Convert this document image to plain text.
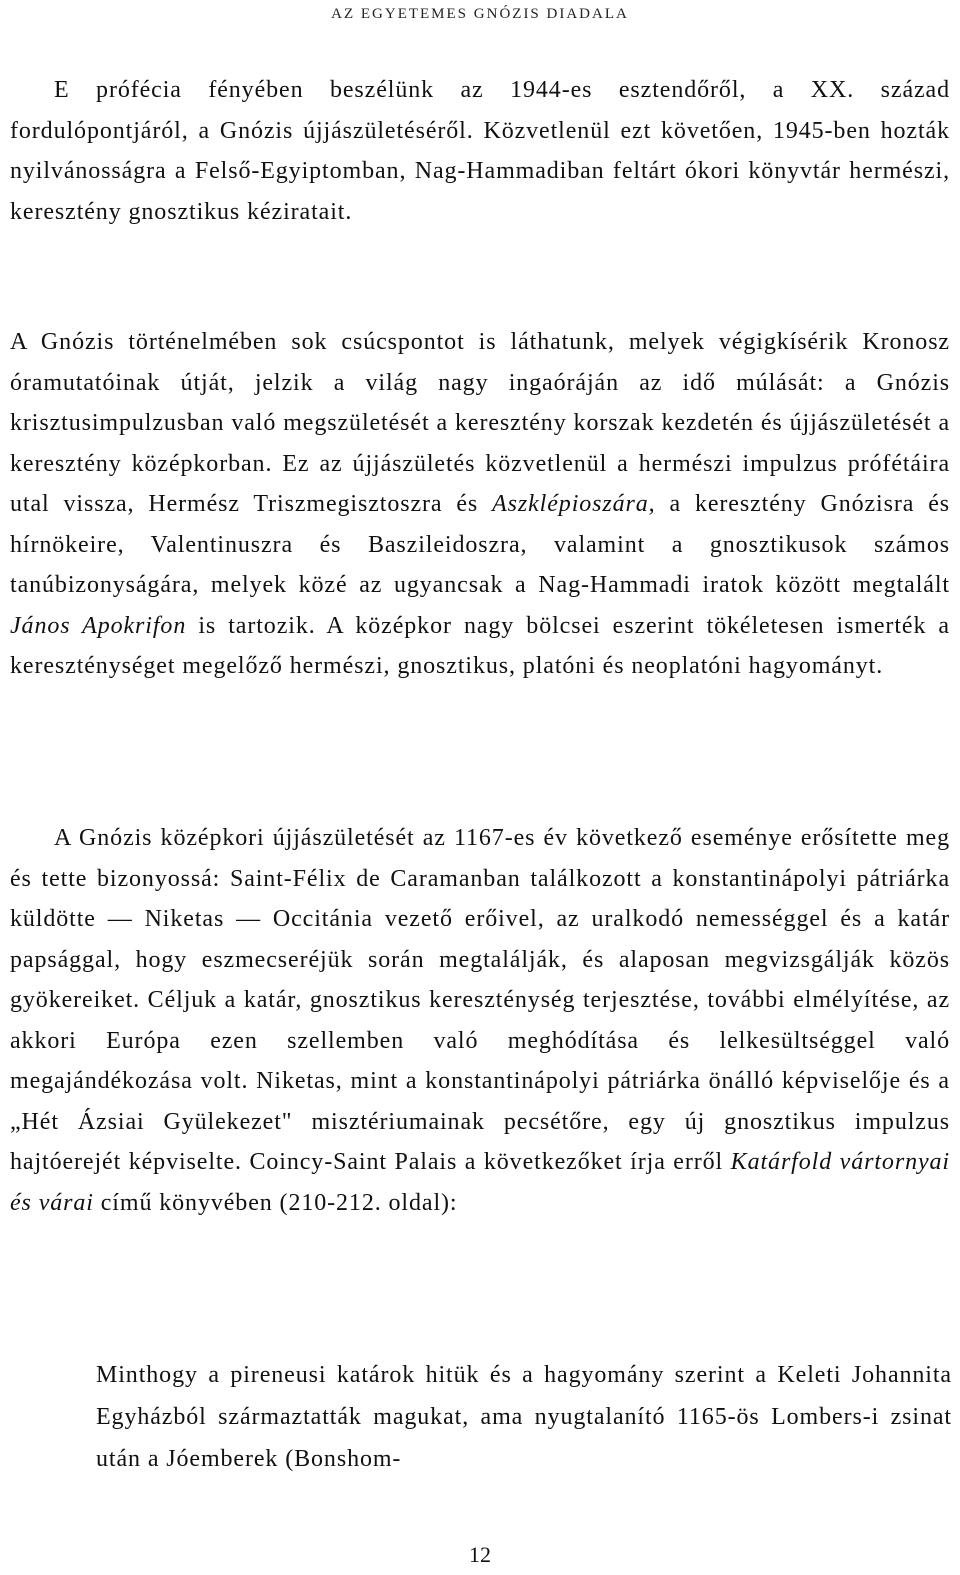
AZ EGYETEMES GNÓZIS DIADALA

E prófécia fényében beszélünk az 1944-es esztendőről, a XX. század fordulópontjáról, a Gnózis újjászületéséről. Közvetlenül ezt követően, 1945-ben hozták nyilvánosságra a Felső-Egyiptomban, Nag-Hammadiban feltárt ókori könyvtár hermészi, keresztény gnosztikus kéziratait.

A Gnózis történelmében sok csúcspontot is láthatunk, melyek végigkísérik Kronosz óramutatóinak útját, jelzik a világ nagy ingaóráján az idő múlását: a Gnózis krisztusimpulzusban való megszületését a keresztény korszak kezdetén és újjászületését a keresztény középkorban. Ez az újjászületés közvetlenül a hermészi impulzus prófétáira utal vissza, Hermész Triszmegisztoszra és Aszklépioszára, a keresztény Gnózisra és hírnökeire, Valentinuszra és Baszileidoszra, valamint a gnosztikusok számos tanúbizonyságára, melyek közé az ugyancsak a Nag-Hammadi iratok között megtalált János Apokrifon is tartozik. A középkor nagy bölcsei eszerint tökéletesen ismerték a kereszténységet megelőző hermészi, gnosztikus, platóni és neoplatóni hagyományt.

A Gnózis középkori újjászületését az 1167-es év következő eseménye erősítette meg és tette bizonyossá: Saint-Félix de Caramanban találkozott a konstantinápolyi pátriárka küldötte — Niketas — Occitánia vezető erőivel, az uralkodó nemességgel és a katár papsággal, hogy eszmecseréjük során megtalálják, és alaposan megvizsgálják közös gyökereiket. Céljuk a katár, gnosztikus kereszténység terjesztése, további elmélyítése, az akkori Európa ezen szellemben való meghódítása és lelkesültséggel való megajándékozása volt. Niketas, mint a konstantinápolyi pátriárka önálló képviselője és a „Hét Ázsiai Gyülekezet" misztériumainak pecsétőre, egy új gnosztikus impulzus hajtóerejét képviselte. Coincy-Saint Palais a következőket írja erről Katárfold vártornyai és várai című könyvében (210-212. oldal):

Minthogy a pireneusi katárok hitük és a hagyomány szerint a Keleti Johannita Egyházból származtatták magukat, ama nyugtalanító 1165-ös Lombers-i zsinat után a Jóemberek (Bonshom-
12
